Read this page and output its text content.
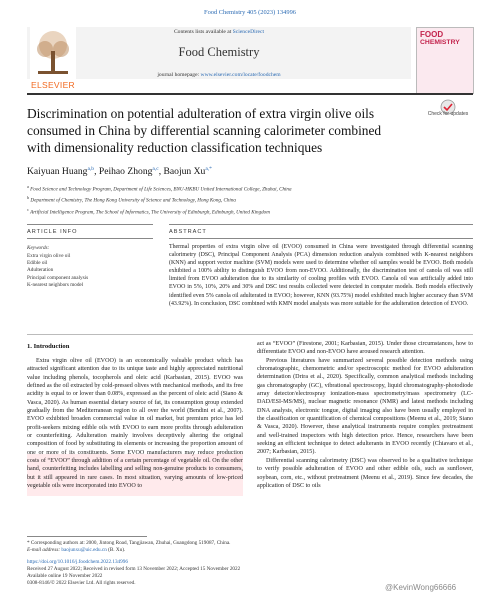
Food Chemistry 405 (2023) 134996
Contents lists available at ScienceDirect
Food Chemistry
journal homepage: www.elsevier.com/locate/foodchem
ELSEVIER
FOOD
CHEMISTRY
Discrimination on potential adulteration of extra virgin olive oils consumed in China by differential scanning calorimeter combined with dimensionality reduction classification techniques
Check for updates
Kaiyuan Huang$^{a,b}$, Peihao Zhong$^{a,c}$, Baojun $Xu^{a,*}$
$^a$ Food Science and Technology Program, Department of Life Sciences, BNU-HKBU United International College, Zhuhai, China
$^b$ Department of Chemistry, The Hong Kong University of Science and Technology, Hong Kong, China
$^c$ Artificial Intelligence Program, The School of Informatics, The University of Edinburgh, Edinburgh, United Kingdom
ARTICLE INFO	ABSTRACT
Keywords:
Extra virgin olive oil
Edible oil
Adulteration
Principal component analysis
K-nearest neighbors model
Thermal properties of extra virgin olive oil (EVOO) consumed in China were investigated through differential scanning calorimetry (DSC), Principal Component Analysis (PCA) dimension reduction analysis combined with K-nearest neighbors (KNN) and support vector machine (SVM) models were used to determine whether oil samples would be EVOO. Both models exhibited a 100% ability to distinguish EVOO from non-EVOO. Additionally, the discrimination test of canola oil was still limited from EVOO adulteration due to its similarity of cooling profiles with EVOO. Canola oil was artificially added into EVOO in 5%, 10%, 20% and 30% and DSC test results collected were detected in computer models. Both models effectively identified even 5% canola oil adulterated in EVOO; however, KNN (93.75%) model exhibited much higher accuracy than SVM (43.92%). In conclusion, DSC combined with KMN model analysis was more suitable for the adulteration detection of EVOO.
1. Introduction

Extra virgin olive oil (EVOO) is an economically valuable product which has attracted significant attention due to its unique taste and highly appreciated nutritional value including phenols, tocopherols and oleic acid (Karbasian, 2015). EVOO was defined as the oil extracted by cold-pressed olives with mechanical methods, and its free acidity is equal to or lower than 0.08%, expressed as the percent of oleic acid (Siano & Vasca, 2020). As human essential dietary source of fat, its consumption group extended gradually from the Mediterranean region to all over the world (Bendini et al., 2007). EVOO exhibited broaden commercial value in oil market, but premium price has led profit-seekers mixing edible oils with EVOO to earn more profits through adulteration or counterfeiting. Adulteration mainly involves deceptively altering the original composition of food by substituting its elements or increasing the proportion amount of one or more of its constituents. Some EVOO manufacturers may reduce production costs of “EVOO” through addition of a certain percentage of vegetable oil. On the other hand, counterfeiting includes labelling and selling non-genuine products to consumers, but it still appeared in rare cases. In most situation, varying amounts of low-priced vegetable oils were incorporated into EVOO to

act as “EVOO” (Firestone, 2001; Karbasian, 2015). Under those circumstances, how to differentiate EVOO and non-EVOO have aroused research attention.

Previous literatures have summarized several possible detection methods using chromatographic, chemometric and/or spectroscopic method for EVOO adulteration determination (Drira et al., 2020). Specifically, common analytical methods including gas chromatography (GC), vibrational spectroscopy, liquid chromatography-photodiode array detector/electrospray ionization-mass spectrometry/mass spectrometry (LC-DAD/ESI-MS/MS), nuclear magnetic resonance (NMR) and latest methods including DNA analysis, electronic tongue, digital imaging also have been usually employed in the classification or quantification of chemical compositions (Meenu et al., 2019; Siano & Vasca, 2020). However, these analytical instruments require complex pretreatment and well-trained inspectors with high detection price. Hence, researchers have been seeking an efficient technique to detect adulterants in EVOO recently (Chiavaro et al., 2007; Karbasian, 2015).

Differential scanning calorimetry (DSC) was observed to be a qualitative technique to verify possible adulteration of EVOO and other edible oils, such as sunflower, soybean, corn, etc., without pretreatment (Meenu et al., 2019). Since few decades, the application of DSC to oils

* Corresponding authors at: 2000, Jintong Road, Tangjiawan, Zhuhai, Guangdong 519087, China.
E-mail address: baojunxu@uic.edu.cn (B. Xu).
https://doi.org/10.1016/j.foodchem.2022.134996
Received 27 August 2022; Received in revised form 13 November 2022; Accepted 15 November 2022
Available online 19 November 2022
0308-8146/© 2022 Elsevier Ltd. All rights reserved.	@KevinWong66666
